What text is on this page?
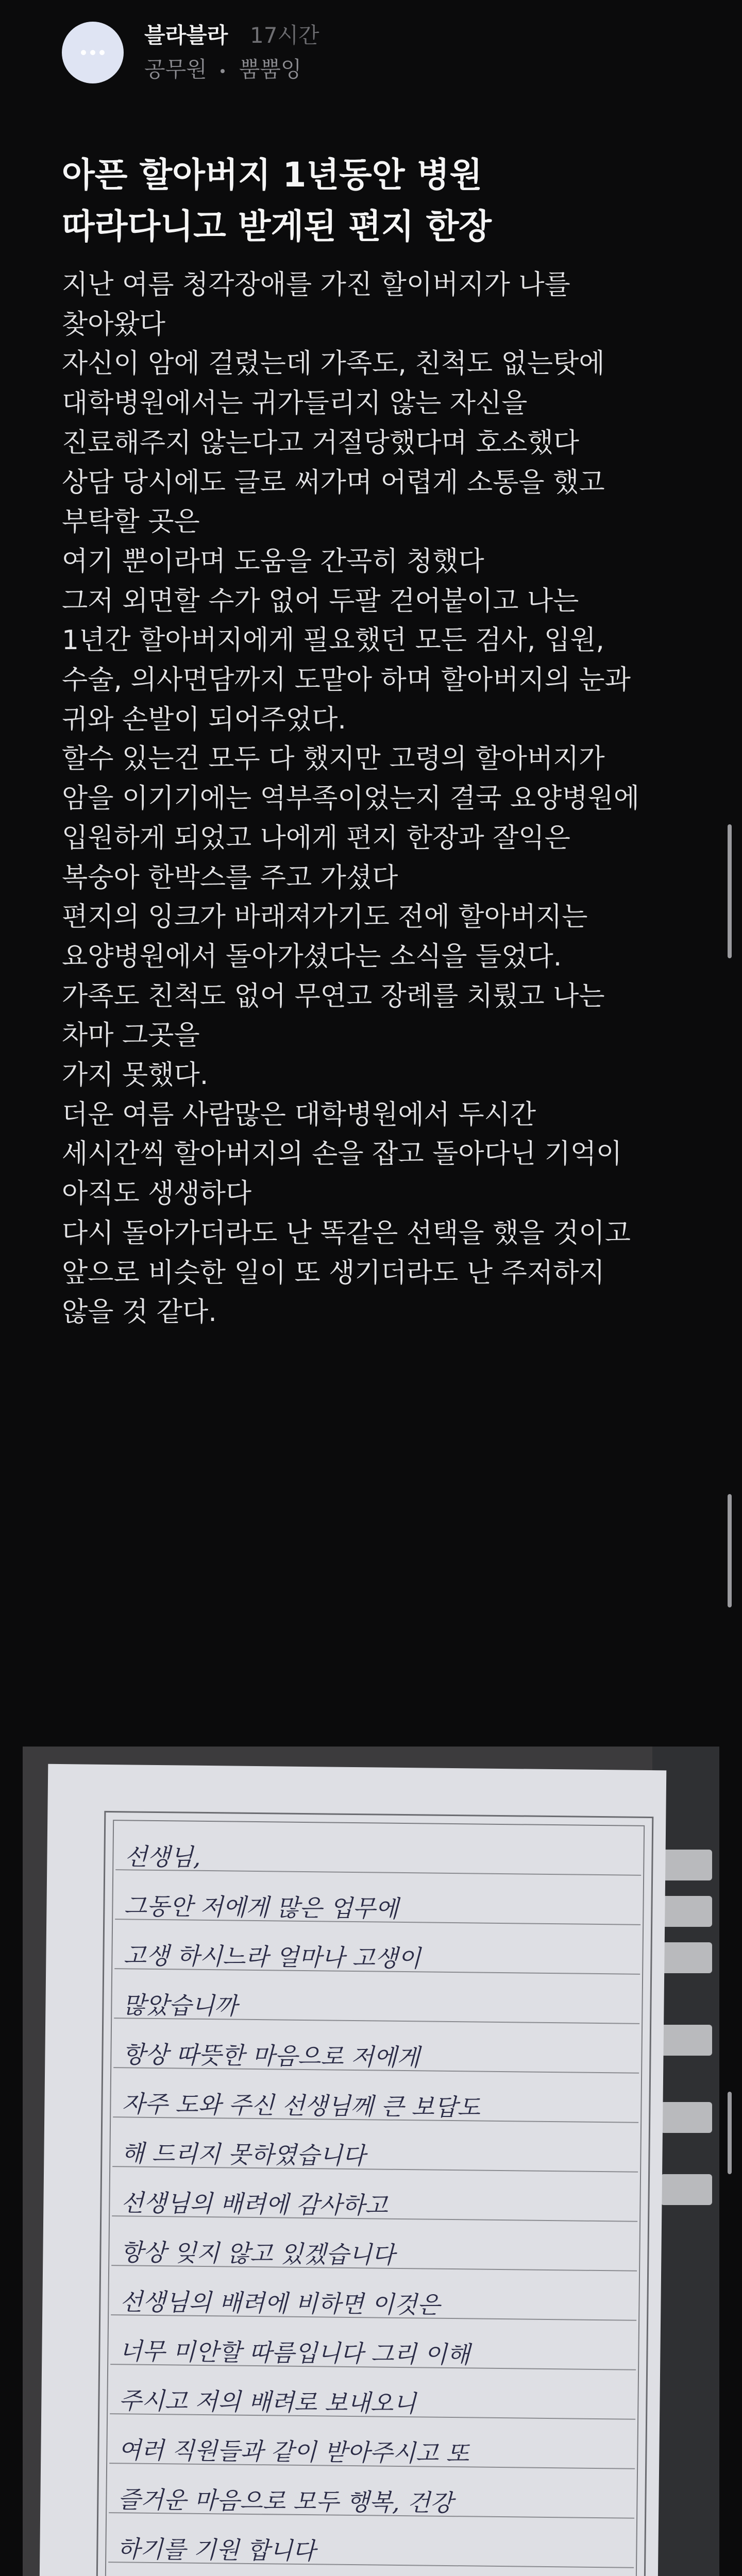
블라블라 17시간
공무원 뿜뿜잉
아픈 할아버지 1년동안 병원
따라다니고 받게된 편지 한장
지난 여름 청각장애를 가진 할이버지가 나를
찾아왔다
자신이 암에 걸렸는데 가족도, 친척도 없는탓에
대학병원에서는 귀가들리지 않는 자신을
진료해주지 않는다고 거절당했다며 호소했다
상담 당시에도 글로 써가며 어렵게 소통을 했고
부탁할 곳은
여기 뿐이라며 도움을 간곡히 청했다
그저 외면할 수가 없어 두팔 걷어붙이고 나는
1년간 할아버지에게 필요했던 모든 검사, 입원,
수술, 의사면담까지 도맡아 하며 할아버지의 눈과
귀와 손발이 되어주었다.
할수 있는건 모두 다 했지만 고령의 할아버지가
암을 이기기에는 역부족이었는지 결국 요양병원에
입원하게 되었고 나에게 편지 한장과 잘익은
복숭아 한박스를 주고 가셨다
편지의 잉크가 바래져가기도 전에 할아버지는
요양병원에서 돌아가셨다는 소식을 들었다.
가족도 친척도 없어 무연고 장례를 치뤘고 나는
차마 그곳을
가지 못했다.
더운 여름 사람많은 대학병원에서 두시간
세시간씩 할아버지의 손을 잡고 돌아다닌 기억이
아직도 생생하다
다시 돌아가더라도 난 똑같은 선택을 했을 것이고
앞으로 비슷한 일이 또 생기더라도 난 주저하지
않을 것 같다.
선생님,
그동안 저에게 많은 업무에
고생 하시느라 얼마나 고생이
많았습니까
항상 따뜻한 마음으로 저에게
자주 도와 주신 선생님께 큰 보답도
해 드리지 못하였습니다
선생님의 배려에 감사하고
항상 잊지 않고 있겠습니다
선생님의 배려에 비하면 이것은
너무 미안할 따름입니다 그리 이해
주시고 저의 배려로 보내오니
여러 직원들과 같이 받아주시고 또
즐거운 마음으로 모두 행복, 건강
하기를 기원 합니다
